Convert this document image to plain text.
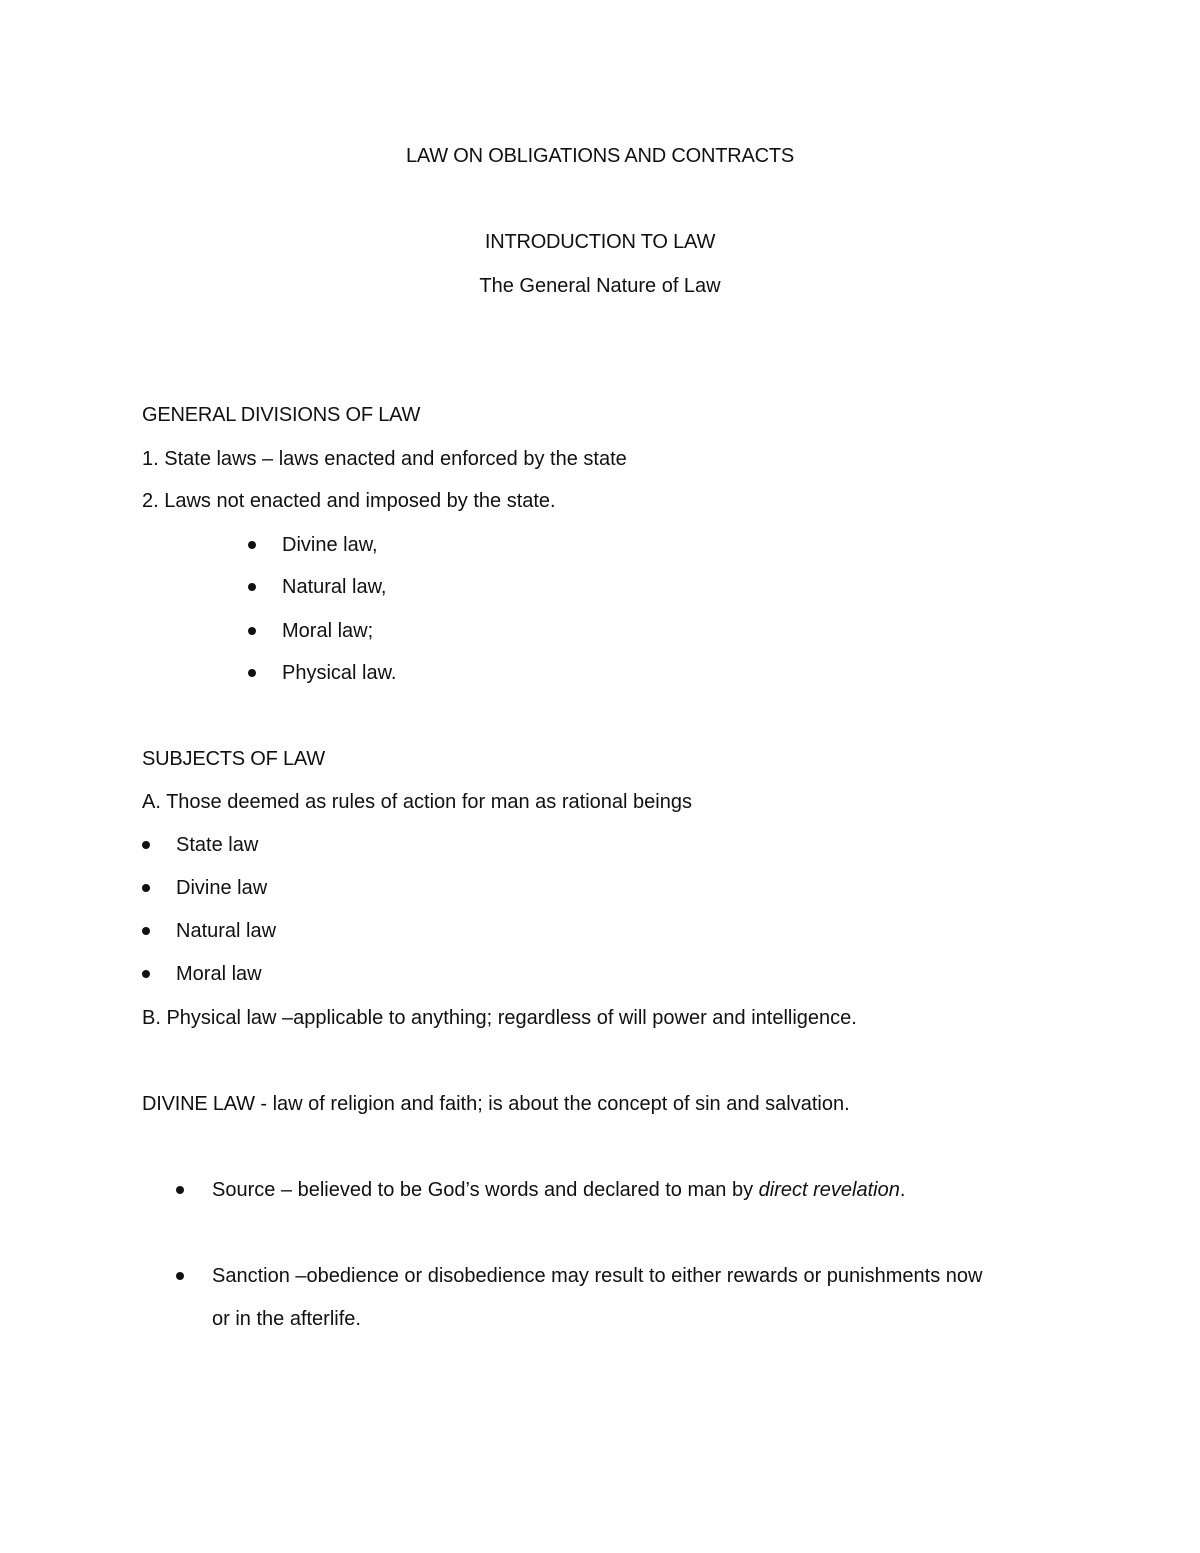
LAW ON OBLIGATIONS AND CONTRACTS
INTRODUCTION TO LAW
The General Nature of Law
GENERAL DIVISIONS OF LAW
1. State laws – laws enacted and enforced by the state
2. Laws not enacted and imposed by the state.
Divine law,
Natural law,
Moral law;
Physical law.
SUBJECTS OF LAW
A. Those deemed as rules of action for man as rational beings
State law
Divine law
Natural law
Moral law
B. Physical law –applicable to anything; regardless of will power and intelligence.
DIVINE LAW - law of religion and faith; is about the concept of sin and salvation.
Source – believed to be God’s words and declared to man by direct revelation.
Sanction –obedience or disobedience may result to either rewards or punishments now
or in the afterlife.
